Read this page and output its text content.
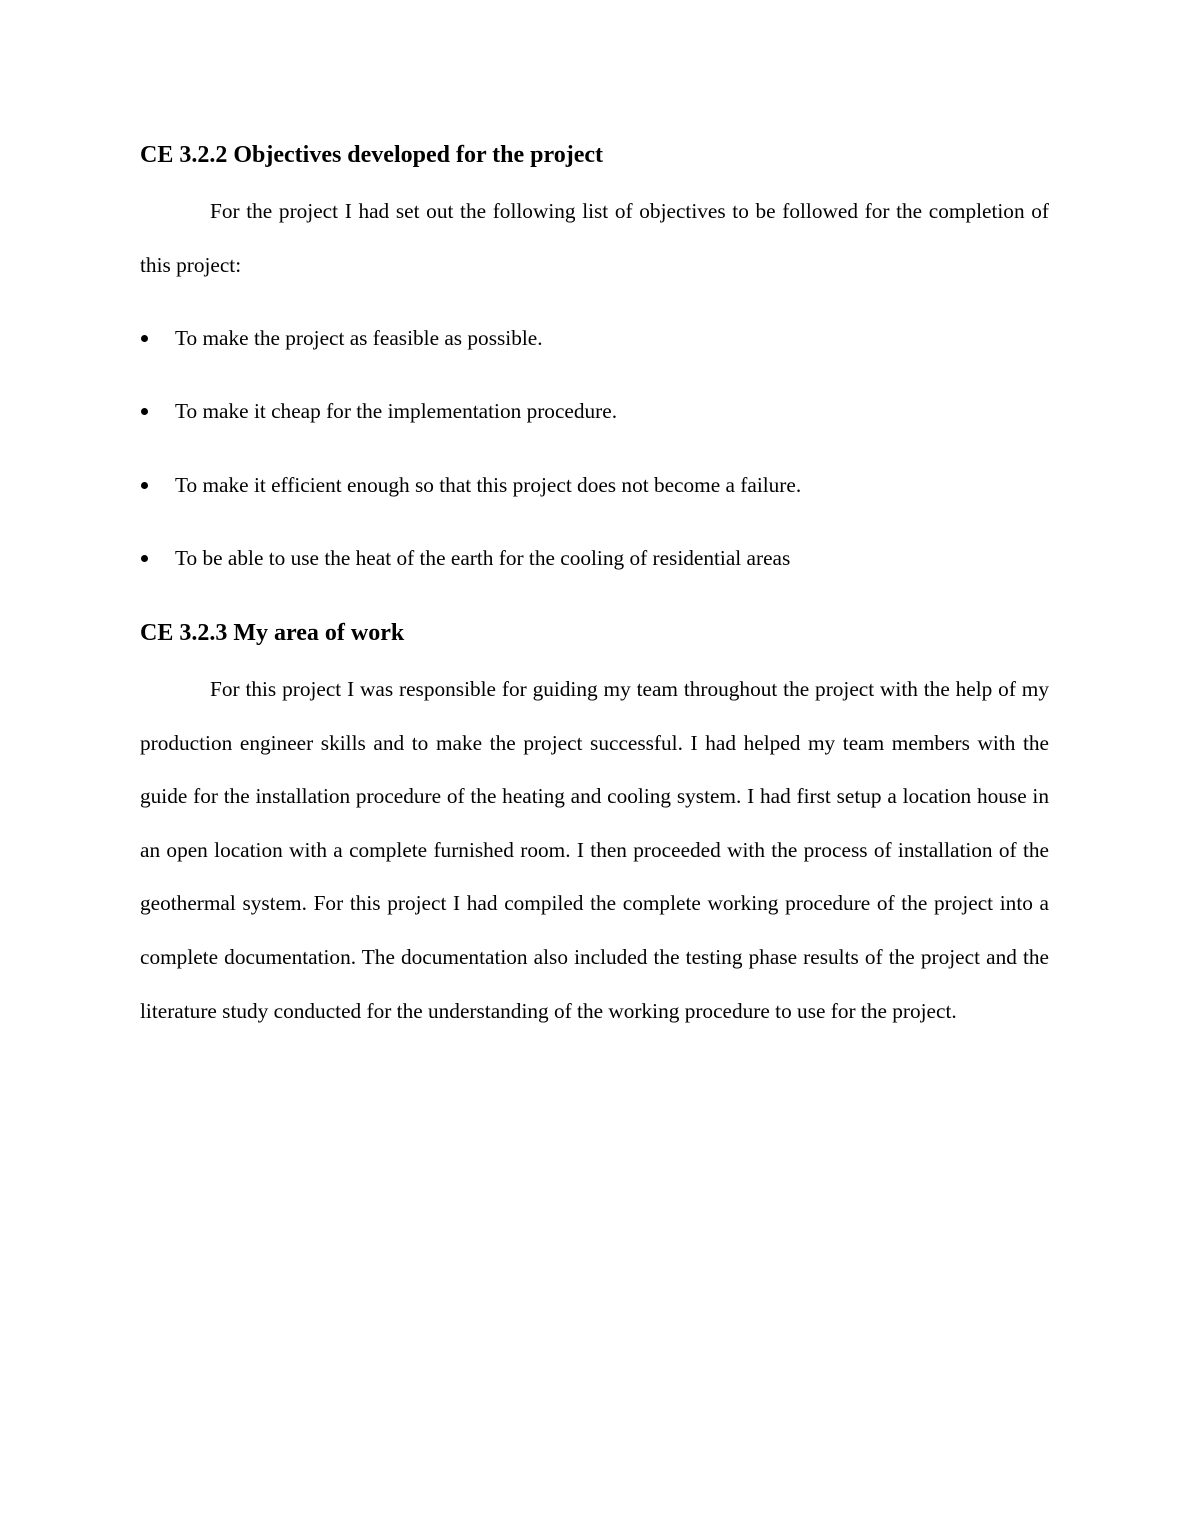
CE 3.2.2 Objectives developed for the project

For the project I had set out the following list of objectives to be followed for the completion of this project:

To make the project as feasible as possible.
To make it cheap for the implementation procedure.
To make it efficient enough so that this project does not become a failure.
To be able to use the heat of the earth for the cooling of residential areas
CE 3.2.3 My area of work

For this project I was responsible for guiding my team throughout the project with the help of my production engineer skills and to make the project successful. I had helped my team members with the guide for the installation procedure of the heating and cooling system. I had first setup a location house in an open location with a complete furnished room. I then proceeded with the process of installation of the geothermal system. For this project I had compiled the complete working procedure of the project into a complete documentation. The documentation also included the testing phase results of the project and the literature study conducted for the understanding of the working procedure to use for the project.
